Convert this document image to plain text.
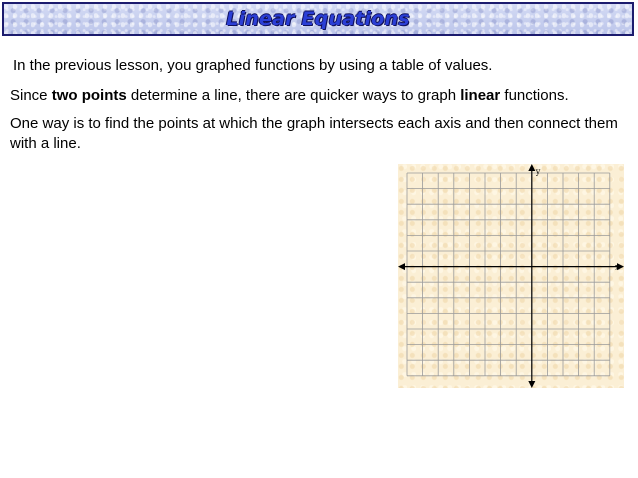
Linear Equations

In the previous lesson, you graphed functions by using a table of values.

Since two points determine a line, there are quicker ways to graph linear functions.

One way is to find the points at which the graph intersects each axis and then connect them with a line.

x
y
